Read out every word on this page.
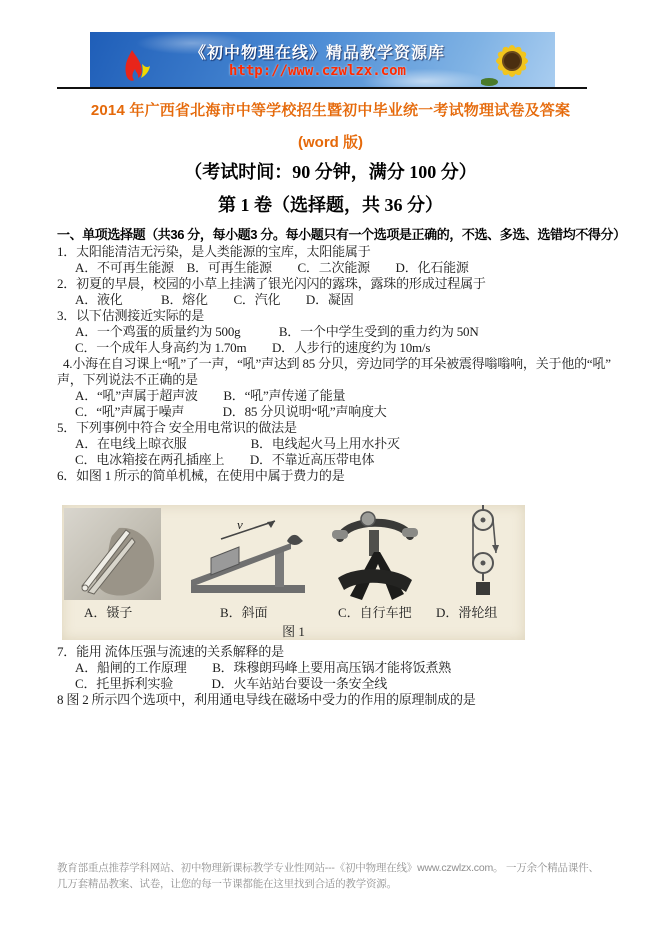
《初中物理在线》精品教学资源库
http://www.czwlzx.com
2014 年广西省北海市中等学校招生暨初中毕业统一考试物理试卷及答案
(word 版)
（考试时间：90 分钟，满分 100 分）
第 1 卷（选择题，共 36 分）
一、单项选择题（共36 分，每小题3 分。每小题只有一个选项是正确的，不选、多选、选错均不得分）
1．太阳能清洁无污染，是人类能源的宝库，太阳能属于
A．不可再生能源　B．可再生能源　　C．二次能源　　D．化石能源
2．初夏的早晨，校园的小草上挂满了银光闪闪的露珠，露珠的形成过程属于
A．液化　　　B．熔化　　C．汽化　　D．凝固
3．以下估测接近实际的是
A．一个鸡蛋的质量约为 500g　　　B．一个中学生受到的重力约为 50N
C．一个成年人身高约为 1.70m　　D．人步行的速度约为 10m/s
4.小海在自习课上“吼”了一声，“吼”声达到 85 分贝，旁边同学的耳朵被震得嗡嗡响，关于他的“吼”
声，下列说法不正确的是
A．“吼”声属于超声波　　B．“吼”声传递了能量
C．“吼”声属于噪声　　　D．85 分贝说明“吼”声响度大
5．下列事例中符合 安全用电常识的做法是
A．在电线上晾衣服　　　　　B．电线起火马上用水扑灭
C．电冰箱接在两孔插座上　　D．不靠近高压带电体
6．如图 1 所示的简单机械，在使用中属于费力的是
v
A．镊子	B．斜面	C．自行车把 D．滑轮组
图 1
7．能用 流体压强与流速的关系解释的是
A．船闸的工作原理　　B．珠穆朗玛峰上要用高压锅才能将饭煮熟
C．托里拆利实验　　　D．火车站站台要设一条安全线
8 图 2 所示四个选项中，利用通电导线在磁场中受力的作用的原理制成的是
教育部重点推荐学科网站、初中物理新课标教学专业性网站---《初中物理在线》www.czwlzx.com。 一万余个精品课件、
几万套精品教案、试卷，让您的每一节课都能在这里找到合适的教学资源。
